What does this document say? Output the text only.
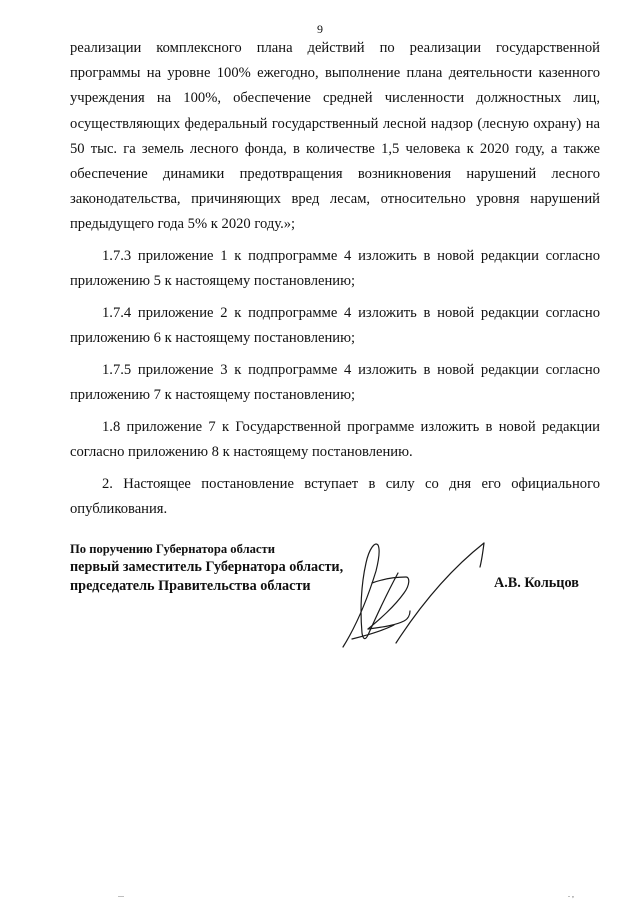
9

реализации комплексного плана действий по реализации государственной программы на уровне 100% ежегодно, выполнение плана деятельности казенного учреждения на 100%, обеспечение средней численности должностных лиц, осуществляющих федеральный государственный лесной надзор (лесную охрану) на 50 тыс. га земель лесного фонда, в количестве 1,5 человека к 2020 году, а также обеспечение динамики предотвращения возникновения нарушений лесного законодательства, причиняющих вред лесам, относительно уровня нарушений предыдущего года 5% к 2020 году.»;

1.7.3 приложение 1 к подпрограмме 4 изложить в новой редакции согласно приложению 5 к настоящему постановлению;

1.7.4 приложение 2 к подпрограмме 4 изложить в новой редакции согласно приложению 6 к настоящему постановлению;

1.7.5 приложение 3 к подпрограмме 4 изложить в новой редакции согласно приложению 7 к настоящему постановлению;

1.8 приложение 7 к Государственной программе изложить в новой редакции согласно приложению 8 к настоящему постановлению.

2. Настоящее постановление вступает в силу со дня его официального опубликования.

По поручению Губернатора области
первый заместитель Губернатора области,
председатель Правительства области	А.В. Кольцов
...	. ,
